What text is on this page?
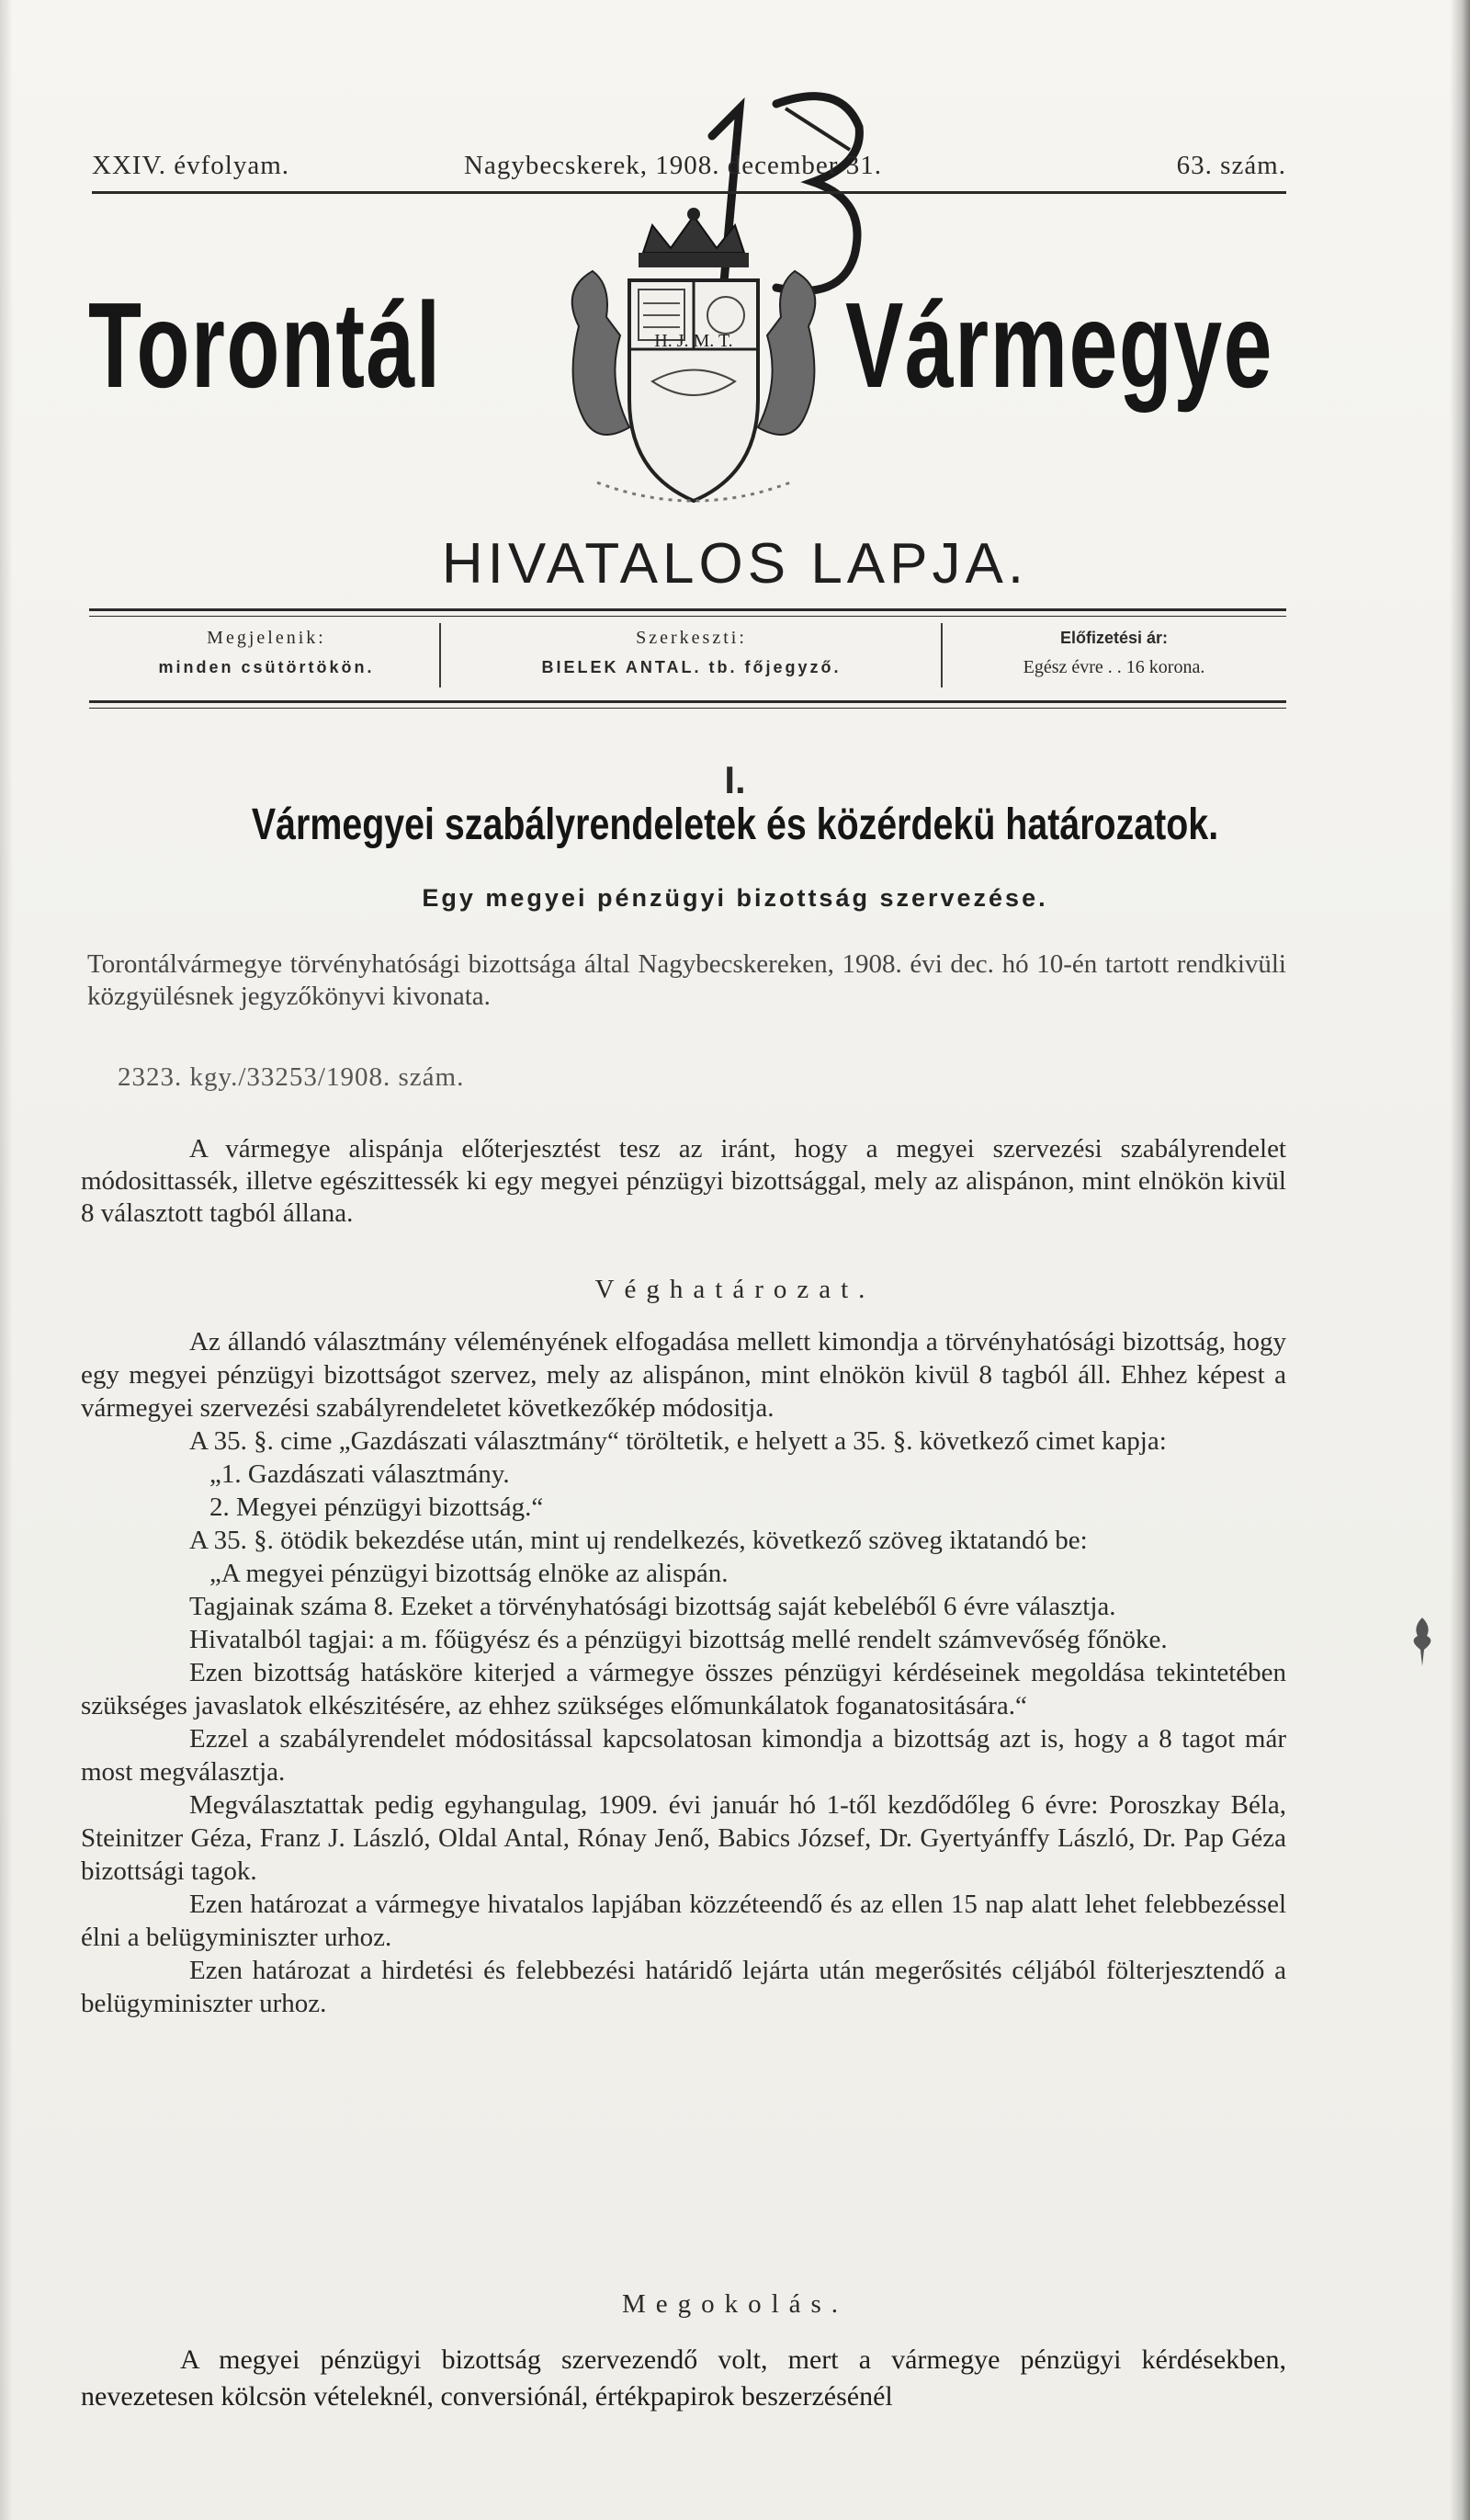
XXIV. évfolyam.	Nagybecskerek, 1908. december 31.	63. szám.
Torontál	Vármegye
H. J. M. T.
HIVATALOS LAPJA.
Megjelenik:
minden csütörtökön.
Szerkeszti:
BIELEK ANTAL. tb. főjegyző.
Előfizetési ár:
Egész évre . . 16 korona.
I.
Vármegyei szabályrendeletek és közérdekü határozatok.
Egy megyei pénzügyi bizottság szervezése.
Torontálvármegye törvényhatósági bizottsága által Nagybecskereken, 1908. évi dec. hó 10-én tartott rendkivüli közgyülésnek jegyzőkönyvi kivonata.
2323. kgy./33253/1908. szám.
A vármegye alispánja előterjesztést tesz az iránt, hogy a megyei szervezési szabályrendelet módosittassék, illetve egészittessék ki egy megyei pénzügyi bizottsággal, mely az alispánon, mint elnökön kivül 8 választott tagból állana.
Véghatározat.

Az állandó választmány véleményének elfogadása mellett kimondja a törvényhatósági bizottság, hogy egy megyei pénzügyi bizottságot szervez, mely az alispánon, mint elnökön kivül 8 tagból áll. Ehhez képest a vármegyei szervezési szabályrendeletet következőkép módositja.

A 35. §. cime „Gazdászati választmány“ töröltetik, e helyett a 35. §. következő cimet kapja:

„1. Gazdászati választmány.

2. Megyei pénzügyi bizottság.“

A 35. §. ötödik bekezdése után, mint uj rendelkezés, következő szöveg iktatandó be:

„A megyei pénzügyi bizottság elnöke az alispán.

Tagjainak száma 8. Ezeket a törvényhatósági bizottság saját kebeléből 6 évre választja.

Hivatalból tagjai: a m. főügyész és a pénzügyi bizottság mellé rendelt számvevőség főnöke.

Ezen bizottság hatásköre kiterjed a vármegye összes pénzügyi kérdéseinek megoldása tekintetében szükséges javaslatok elkészitésére, az ehhez szükséges előmunkálatok foganatositására.“

Ezzel a szabályrendelet módositással kapcsolatosan kimondja a bizottság azt is, hogy a 8 tagot már most megválasztja.

Megválasztattak pedig egyhangulag, 1909. évi január hó 1-től kezdődőleg 6 évre: Poroszkay Béla, Steinitzer Géza, Franz J. László, Oldal Antal, Rónay Jenő, Babics József, Dr. Gyertyánffy László, Dr. Pap Géza bizottsági tagok.

Ezen határozat a vármegye hivatalos lapjában közzéteendő és az ellen 15 nap alatt lehet felebbezéssel élni a belügyminiszter urhoz.

Ezen határozat a hirdetési és felebbezési határidő lejárta után megerősités céljából fölterjesztendő a belügyminiszter urhoz.

Megokolás.
A megyei pénzügyi bizottság szervezendő volt, mert a vármegye pénzügyi kérdésekben, nevezetesen kölcsön vételeknél, conversiónál, értékpapirok beszerzésénél
